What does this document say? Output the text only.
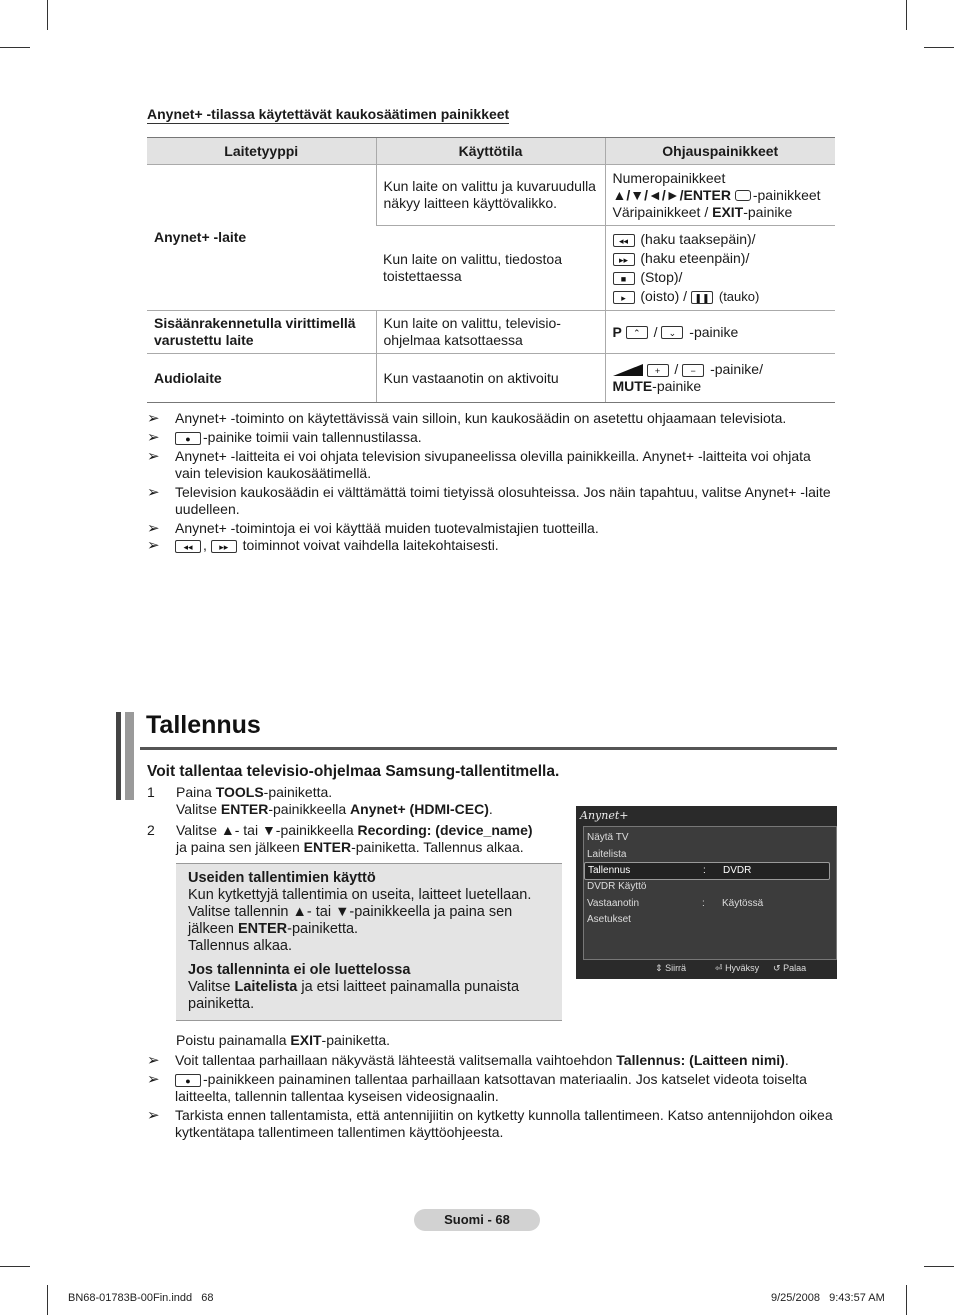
Anynet+ -tilassa käytettävät kaukosäätimen painikkeet
Laitetyyppi	Käyttötila	Ohjauspainikkeet
Anynet+ -laite	Kun laite on valittu ja kuvaruudulla näkyy laitteen käyttövalikko.	Numeropainikkeet
▲/▼/◄/►/ENTER -painikkeet
Väripainikkeet / EXIT-painike

	Kun laite on valittu, tiedostoa toistettaessa	◂◂ (haku taaksepäin)/
▸▸ (haku eteenpäin)/
■ (Stop)/
▸ (oisto) / ❚❚ (tauko)

Sisäänrakennetulla virittimellä varustettu laite	Kun laite on valittu, televisio-ohjelmaa katsottaessa	P ⌃ / ⌄ -painike
Audiolaite	Kun vastaanotin on aktivoitu	+ / − -painike/
MUTE-painike
➢ Anynet+ -toiminto on käytettävissä vain silloin, kun kaukosäädin on asetettu ohjaamaan televisiota.
➢	● -painike toimii vain tallennustilassa.
➢ Anynet+ -laitteita ei voi ohjata television sivupaneelissa olevilla painikkeilla. Anynet+ -laitteita voi ohjata vain television kaukosäätimellä.
➢ Television kaukosäädin ei välttämättä toimi tietyissä olosuhteissa. Jos näin tapahtuu, valitse Anynet+ -laite uudelleen.
➢ Anynet+ -toimintoja ei voi käyttää muiden tuotevalmistajien tuotteilla.
➢	◂◂ , ▸▸ toiminnot voivat vaihdella laitekohtaisesti.
Tallennus
Voit tallentaa televisio-ohjelmaa Samsung-tallentitmella.
1 Paina TOOLS-painiketta.
Valitse ENTER-painikkeella Anynet+ (HDMI-CEC).
2 Valitse ▲- tai ▼-painikkeella Recording: (device_name)
ja paina sen jälkeen ENTER-painiketta. Tallennus alkaa.
Useiden tallentimien käyttö
Kun kytkettyjä tallentimia on useita, laitteet luetellaan. Valitse tallennin ▲- tai ▼-painikkeella ja paina sen jälkeen ENTER-painiketta.
Tallennus alkaa.
Jos tallenninta ei ole luettelossa
Valitse Laitelista ja etsi laitteet painamalla punaista painiketta.
Anynet+
Näytä TV
Laitelista
Tallennus	: DVDR
DVDR Käyttö
Vastaanotin	: Käytössä
Asetukset
⇕ Siirrä	⏎ Hyväksy ↺ Palaa
Poistu painamalla EXIT-painiketta.
➢ Voit tallentaa parhaillaan näkyvästä lähteestä valitsemalla vaihtoehdon Tallennus: (Laitteen nimi).
➢	● -painikkeen painaminen tallentaa parhaillaan katsottavan materiaalin. Jos katselet videota toiselta laitteelta, tallennin tallentaa kyseisen videosignaalin.
➢ Tarkista ennen tallentamista, että antennijiitin on kytketty kunnolla tallentimeen. Katso antennijohdon oikea kytkentätapa tallentimeen tallentimen käyttöohjeesta.
Suomi - 68
BN68-01783B-00Fin.indd   68	9/25/2008   9:43:57 AM
